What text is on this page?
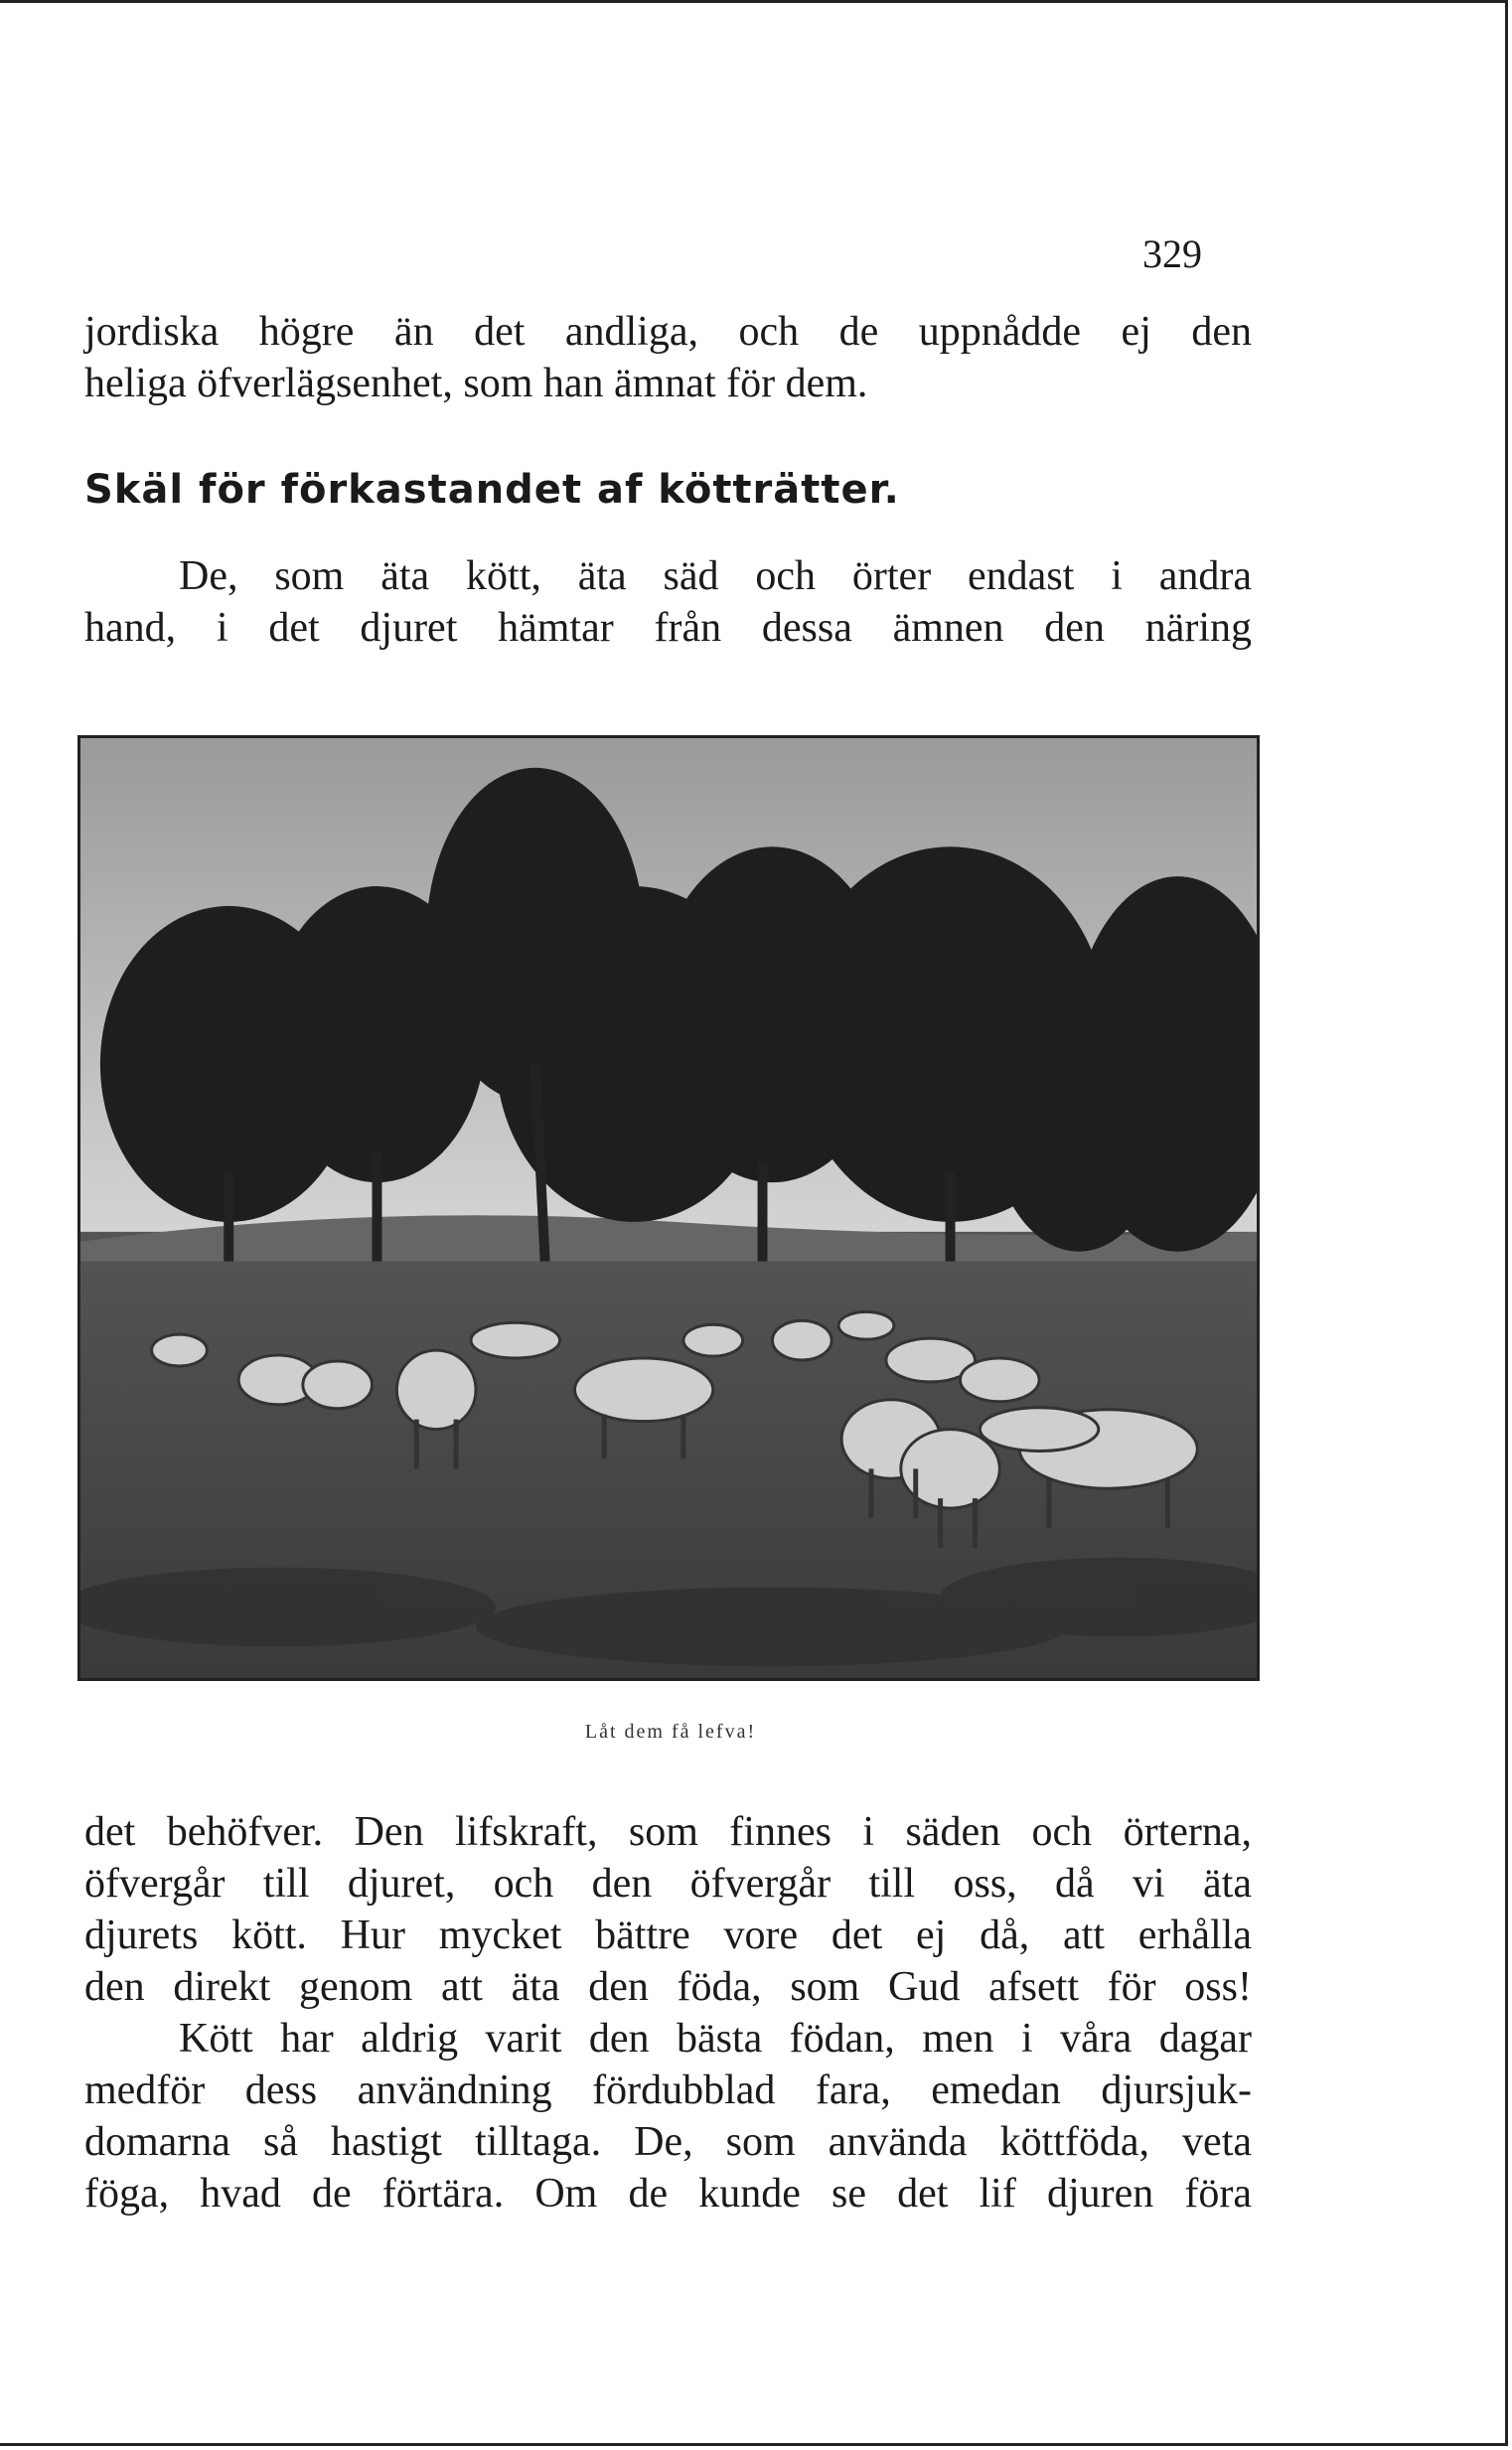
329
jordiska högre än det andliga, och de uppnådde ej den
heliga öfverlägsenhet, som han ämnat för dem.
Skäl för förkastandet af kötträtter.
De, som äta kött, äta säd och örter endast i andra
hand, i det djuret hämtar från dessa ämnen den näring
Låt dem få lefva!
det behöfver. Den lifskraft, som finnes i säden och örterna,
öfvergår till djuret, och den öfvergår till oss, då vi äta
djurets kött. Hur mycket bättre vore det ej då, att erhålla
den direkt genom att äta den föda, som Gud afsett för oss!
Kött har aldrig varit den bästa födan, men i våra dagar
medför dess användning fördubblad fara, emedan djursjuk-
domarna så hastigt tilltaga. De, som använda köttföda, veta
föga, hvad de förtära. Om de kunde se det lif djuren föra
